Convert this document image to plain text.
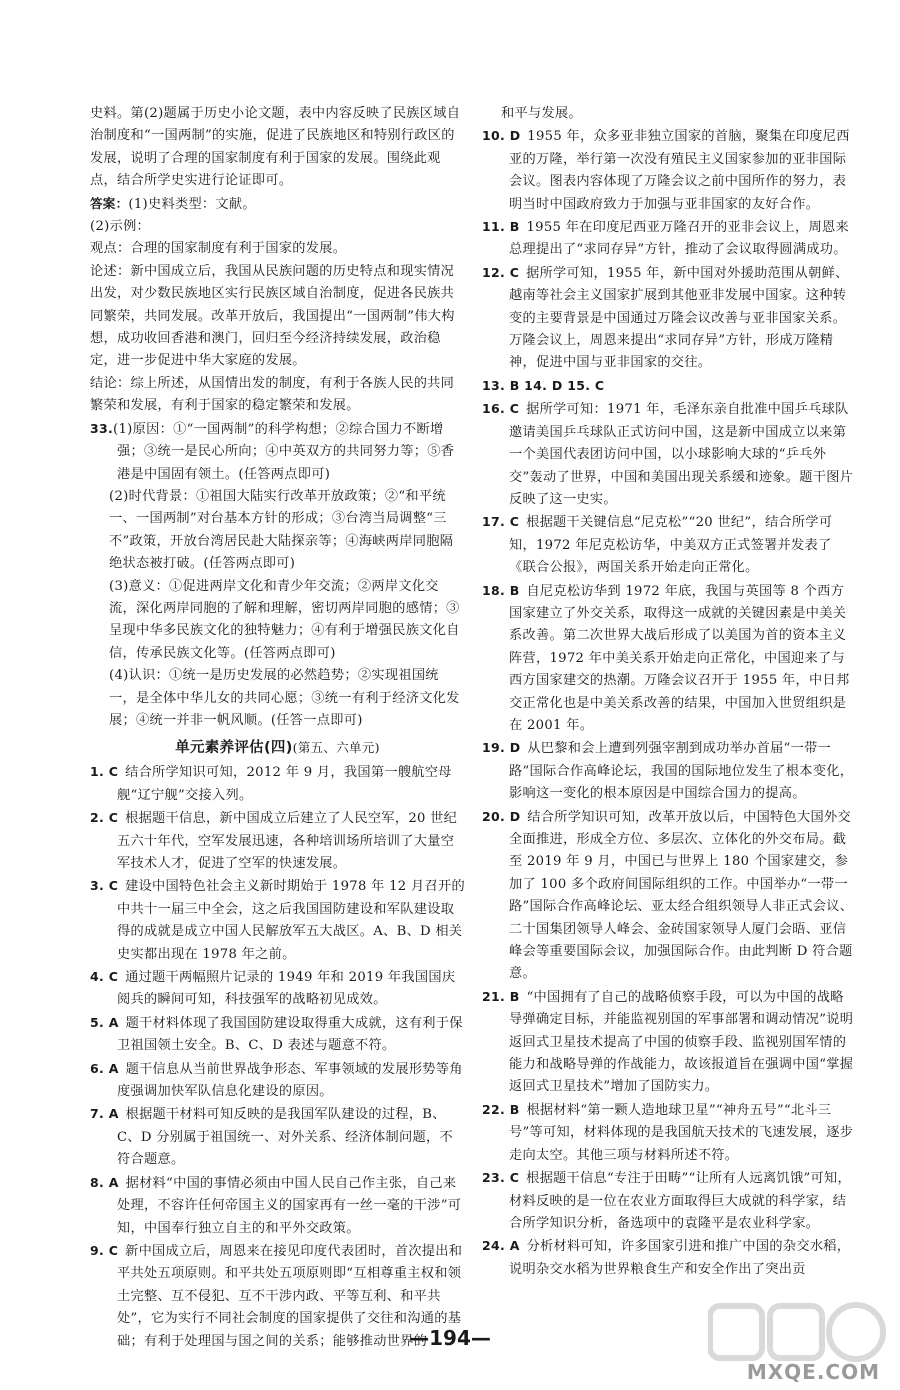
史料。第(2)题属于历史小论文题，表中内容反映了民族区域自治制度和“一国两制”的实施，促进了民族地区和特别行政区的发展，说明了合理的国家制度有利于国家的发展。围绕此观点，结合所学史实进行论证即可。

答案：(1)史料类型：文献。

(2)示例：

观点：合理的国家制度有利于国家的发展。

论述：新中国成立后，我国从民族问题的历史特点和现实情况出发，对少数民族地区实行民族区域自治制度，促进各民族共同繁荣，共同发展。改革开放后，我国提出“一国两制”伟大构想，成功收回香港和澳门，回归至今经济持续发展，政治稳定，进一步促进中华大家庭的发展。

结论：综上所述，从国情出发的制度，有利于各族人民的共同繁荣和发展，有利于国家的稳定繁荣和发展。

33.(1)原因：①“一国两制”的科学构想；②综合国力不断增强；③统一是民心所向；④中英双方的共同努力等；⑤香港是中国固有领土。(任答两点即可)

(2)时代背景：①祖国大陆实行改革开放政策；②“和平统一、一国两制”对台基本方针的形成；③台湾当局调整“三不”政策，开放台湾居民赴大陆探亲等；④海峡两岸同胞隔绝状态被打破。(任答两点即可)

(3)意义：①促进两岸文化和青少年交流；②两岸文化交流，深化两岸同胞的了解和理解，密切两岸同胞的感情；③呈现中华多民族文化的独特魅力；④有利于增强民族文化自信，传承民族文化等。(任答两点即可)

(4)认识：①统一是历史发展的必然趋势；②实现祖国统一，是全体中华儿女的共同心愿；③统一有利于经济文化发展；④统一并非一帆风顺。(任答一点即可)

单元素养评估(四)(第五、六单元)

1. C  结合所学知识可知，2012 年 9 月，我国第一艘航空母舰“辽宁舰”交接入列。

2. C  根据题干信息，新中国成立后建立了人民空军，20 世纪五六十年代，空军发展迅速，各种培训场所培训了大量空军技术人才，促进了空军的快速发展。

3. C  建设中国特色社会主义新时期始于 1978 年 12 月召开的中共十一届三中全会，这之后我国国防建设和军队建设取得的成就是成立中国人民解放军五大战区。A、B、D 相关史实都出现在 1978 年之前。

4. C  通过题干两幅照片记录的 1949 年和 2019 年我国国庆阅兵的瞬间可知，科技强军的战略初见成效。

5. A  题干材料体现了我国国防建设取得重大成就，这有利于保卫祖国领土安全。B、C、D 表述与题意不符。

6. A  题干信息从当前世界战争形态、军事领域的发展形势等角度强调加快军队信息化建设的原因。

7. A  根据题干材料可知反映的是我国军队建设的过程，B、C、D 分别属于祖国统一、对外关系、经济体制问题，不符合题意。

8. A  据材料“中国的事情必须由中国人民自己作主张，自己来处理，不容许任何帝国主义的国家再有一丝一毫的干涉”可知，中国奉行独立自主的和平外交政策。

9. C  新中国成立后，周恩来在接见印度代表团时，首次提出和平共处五项原则。和平共处五项原则即“互相尊重主权和领土完整、互不侵犯、互不干涉内政、平等互利、和平共处”，它为实行不同社会制度的国家提供了交往和沟通的基础；有利于处理国与国之间的关系；能够推动世界的

和平与发展。

10. D  1955 年，众多亚非独立国家的首脑，聚集在印度尼西亚的万隆，举行第一次没有殖民主义国家参加的亚非国际会议。图表内容体现了万隆会议之前中国所作的努力，表明当时中国政府致力于加强与亚非国家的友好合作。

11. B  1955 年在印度尼西亚万隆召开的亚非会议上，周恩来总理提出了“求同存异”方针，推动了会议取得圆满成功。

12. C  据所学可知，1955 年，新中国对外援助范围从朝鲜、越南等社会主义国家扩展到其他亚非发展中国家。这种转变的主要背景是中国通过万隆会议改善与亚非国家关系。万隆会议上，周恩来提出“求同存异”方针，形成万隆精神，促进中国与亚非国家的交往。

13. B 14. D 15. C 

16. C  据所学可知：1971 年，毛泽东亲自批准中国乒乓球队邀请美国乒乓球队正式访问中国，这是新中国成立以来第一个美国代表团访问中国，以小球影响大球的“乒乓外交”轰动了世界，中国和美国出现关系缓和迹象。题干图片反映了这一史实。

17. C  根据题干关键信息“尼克松”“20 世纪”，结合所学可知，1972 年尼克松访华，中美双方正式签署并发表了《联合公报》，两国关系开始走向正常化。

18. B  自尼克松访华到 1972 年底，我国与英国等 8 个西方国家建立了外交关系，取得这一成就的关键因素是中美关系改善。第二次世界大战后形成了以美国为首的资本主义阵营，1972 年中美关系开始走向正常化，中国迎来了与西方国家建交的热潮。万隆会议召开于 1955 年，中日邦交正常化也是中美关系改善的结果，中国加入世贸组织是在 2001 年。

19. D  从巴黎和会上遭到列强宰割到成功举办首届“一带一路”国际合作高峰论坛，我国的国际地位发生了根本变化，影响这一变化的根本原因是中国综合国力的提高。

20. D  结合所学知识可知，改革开放以后，中国特色大国外交全面推进，形成全方位、多层次、立体化的外交布局。截至 2019 年 9 月，中国已与世界上 180 个国家建交，参加了 100 多个政府间国际组织的工作。中国举办“一带一路”国际合作高峰论坛、亚太经合组织领导人非正式会议、二十国集团领导人峰会、金砖国家领导人厦门会晤、亚信峰会等重要国际会议，加强国际合作。由此判断 D 符合题意。

21. B  “中国拥有了自己的战略侦察手段，可以为中国的战略导弹确定目标，并能监视别国的军事部署和调动情况”说明返回式卫星技术提高了中国的侦察手段、监视别国军情的能力和战略导弹的作战能力，故该报道旨在强调中国“掌握返回式卫星技术”增加了国防实力。

22. B  根据材料“第一颗人造地球卫星”“神舟五号”“北斗三号”等可知，材料体现的是我国航天技术的飞速发展，逐步走向太空。其他三项与材料所述不符。

23. C  根据题干信息“专注于田畴”“让所有人远离饥饿”可知，材料反映的是一位在农业方面取得巨大成就的科学家，结合所学知识分析，备选项中的袁隆平是农业科学家。

24. A  分析材料可知，许多国家引进和推广中国的杂交水稻，说明杂交水稻为世界粮食生产和安全作出了突出贡

—194—
MXQE.COM
